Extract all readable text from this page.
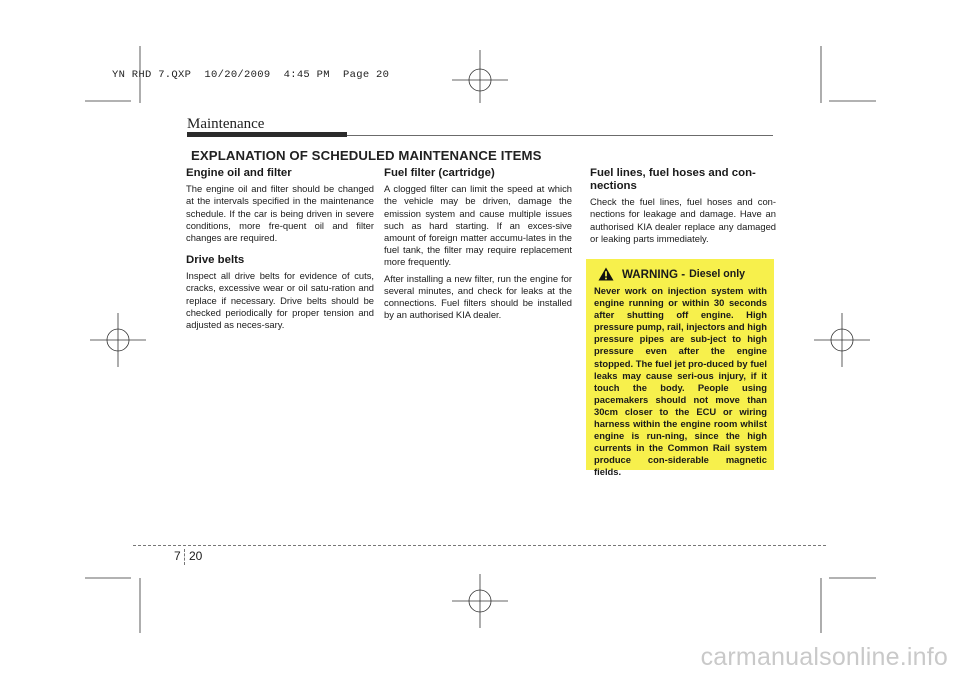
YN RHD 7.QXP  10/20/2009  4:45 PM  Page 20
Maintenance
EXPLANATION OF SCHEDULED MAINTENANCE ITEMS

Engine oil and filter

The engine oil and filter should be changed at the intervals specified in the maintenance schedule. If the car is being driven in severe conditions, more fre-quent oil and filter changes are required.

Drive belts

Inspect all drive belts for evidence of cuts, cracks, excessive wear or oil satu-ration and replace if necessary. Drive belts should be checked periodically for proper tension and adjusted as neces-sary.

Fuel filter (cartridge)

A clogged filter can limit the speed at which the vehicle may be driven, damage the emission system and cause multiple issues such as hard starting. If an exces-sive amount of foreign matter accumu-lates in the fuel tank, the filter may require replacement more frequently.

After installing a new filter, run the engine for several minutes, and check for leaks at the connections. Fuel filters should be installed by an authorised KIA dealer.

Fuel lines, fuel hoses and con-nections

Check the fuel lines, fuel hoses and con-nections for leakage and damage. Have an authorised KIA dealer replace any damaged or leaking parts immediately.

WARNING - Diesel only

Never work on injection system with engine running or within 30 seconds after shutting off engine. High pressure pump, rail, injectors and high pressure pipes are sub-ject to high pressure even after the engine stopped. The fuel jet pro-duced by fuel leaks may cause seri-ous injury, if it touch the body. People using pacemakers should not move than 30cm closer to the ECU or wiring harness within the engine room whilst engine is run-ning, since the high currents in the Common Rail system produce con-siderable magnetic fields.

7 20
carmanualsonline.info
